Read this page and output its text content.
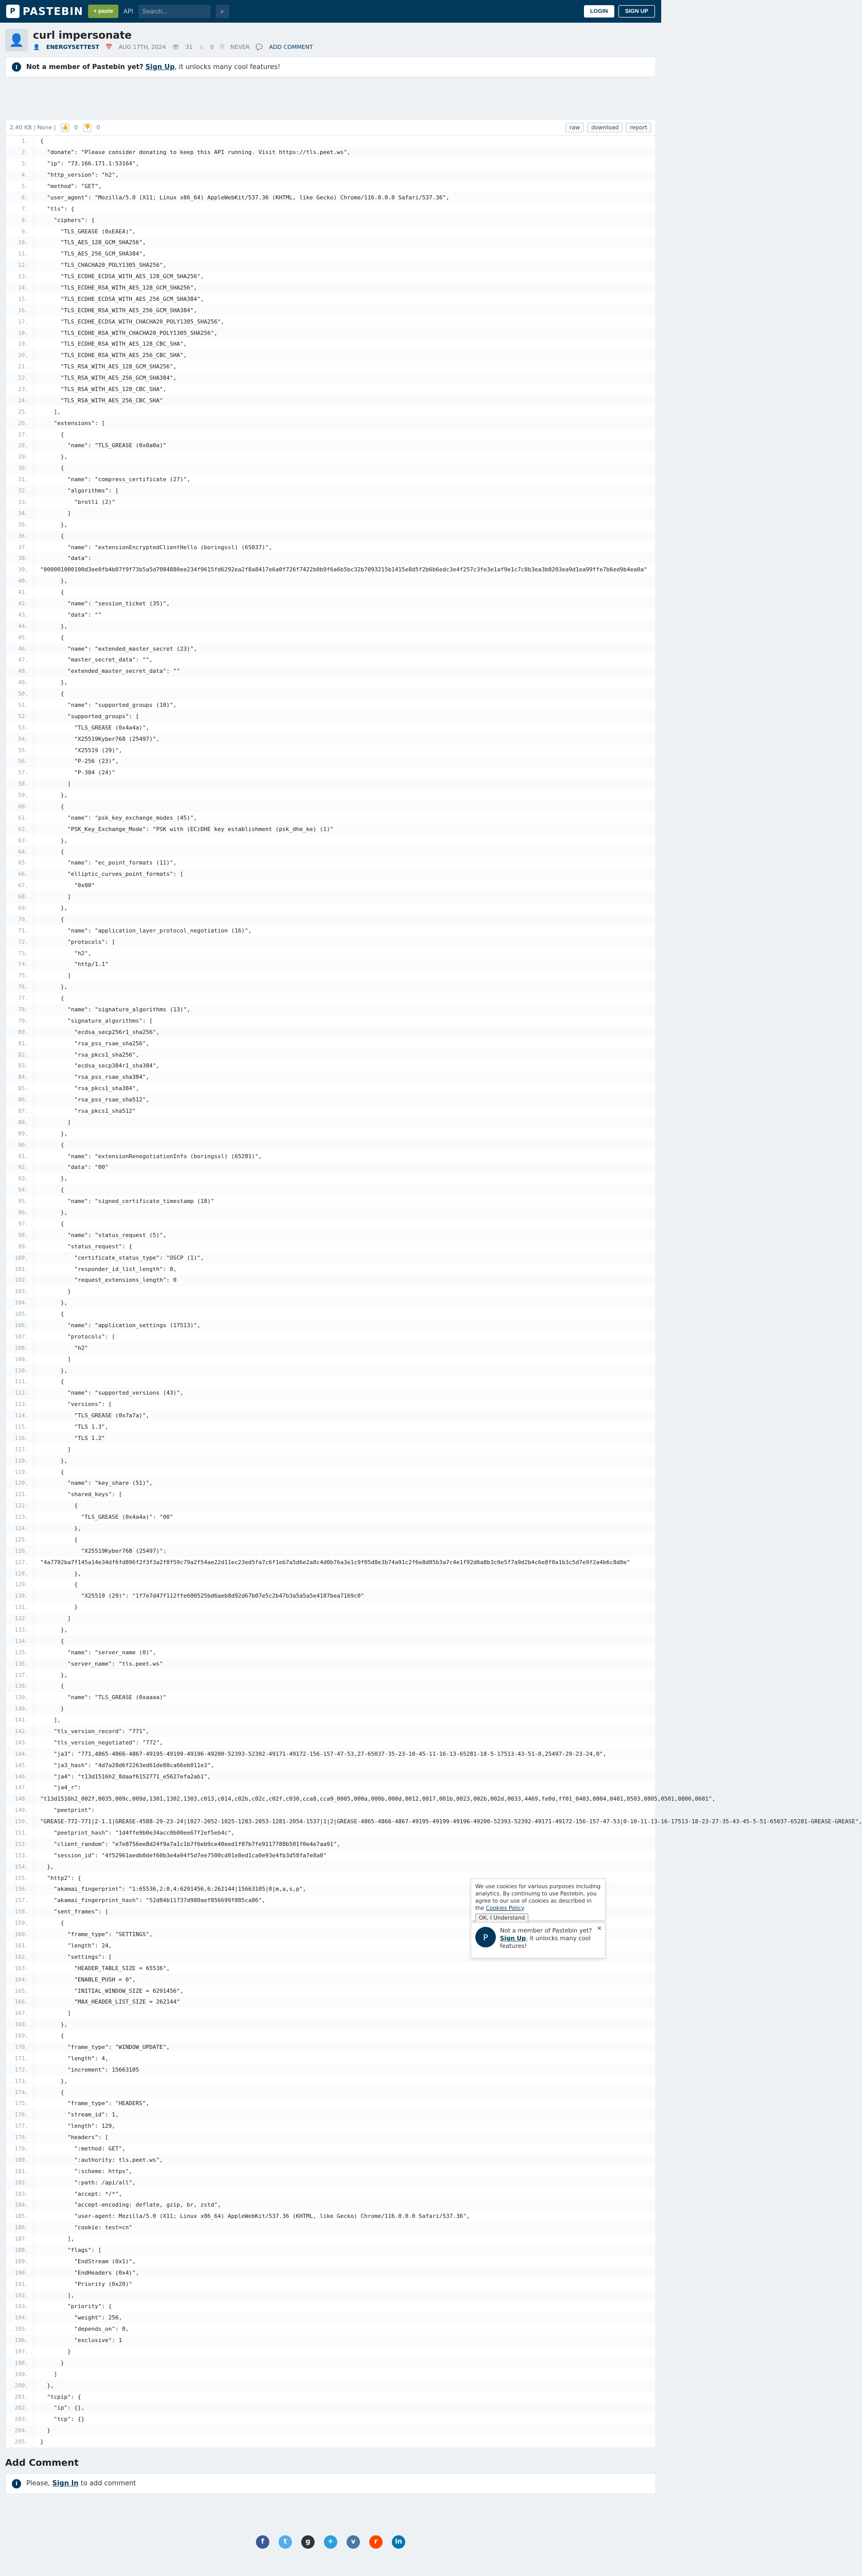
P PASTEBIN	+ paste	API
Search...	⌕	LOGIN	SIGN UP
👤 curl impersonate
👤 ENERGYSETTEST 📅 AUG 17TH, 2024 👁 31 ☆ 0 ⏱ NEVER 💬 ADD COMMENT
i	Not a member of Pastebin yet? Sign Up, it unlocks many cool features!
2.40 KB | None | 👍 0 👎 0	raw	download	report
1.	{
2.	"donate": "Please consider donating to keep this API running. Visit https://tls.peet.ws",
3.	"ip": "73.166.171.1:53164",
4.	"http_version": "h2",
5.	"method": "GET",
6.	"user_agent": "Mozilla/5.0 (X11; Linux x86_64) AppleWebKit/537.36 (KHTML, like Gecko) Chrome/116.0.0.0 Safari/537.36",
7.	"tls": {
8.	"ciphers": [
9.	"TLS_GREASE (0xEAEA)",
10.	"TLS_AES_128_GCM_SHA256",
11.	"TLS_AES_256_GCM_SHA384",
12.	"TLS_CHACHA20_POLY1305_SHA256",
13.	"TLS_ECDHE_ECDSA_WITH_AES_128_GCM_SHA256",
14.	"TLS_ECDHE_RSA_WITH_AES_128_GCM_SHA256",
15.	"TLS_ECDHE_ECDSA_WITH_AES_256_GCM_SHA384",
16.	"TLS_ECDHE_RSA_WITH_AES_256_GCM_SHA384",
17.	"TLS_ECDHE_ECDSA_WITH_CHACHA20_POLY1305_SHA256",
18.	"TLS_ECDHE_RSA_WITH_CHACHA20_POLY1305_SHA256",
19.	"TLS_ECDHE_RSA_WITH_AES_128_CBC_SHA",
20.	"TLS_ECDHE_RSA_WITH_AES_256_CBC_SHA",
21.	"TLS_RSA_WITH_AES_128_GCM_SHA256",
22.	"TLS_RSA_WITH_AES_256_GCM_SHA384",
23.	"TLS_RSA_WITH_AES_128_CBC_SHA",
24.	"TLS_RSA_WITH_AES_256_CBC_SHA"
25.	],
26.	"extensions": [
27.	{
28.	"name": "TLS_GREASE (0x0a0a)"
29.	},
30.	{
31.	"name": "compress_certificate (27)",
32.	"algorithms": [
33.	"brotli (2)"
34.	]
35.	},
36.	{
37.	"name": "extensionEncryptedClientHello (boringssl) (65037)",
38.	"data":
39.	"000001000100d3ee0fb4b07f9f73b5a5d7084880ee234f9615fd6292ea2f8a8417e6a0f726f7422b0b9f6a6b5bc32b7093215b1415e8d5f2b6b6edc3e4f257c3fe3e1af9e1c7c8b3ea3b0203ea9d1ea99ffe7b6ed9b4ea0a"
40.	},
41.	{
42.	"name": "session_ticket (35)",
43.	"data": ""
44.	},
45.	{
46.	"name": "extended_master_secret (23)",
47.	"master_secret_data": "",
48.	"extended_master_secret_data": ""
49.	},
50.	{
51.	"name": "supported_groups (10)",
52.	"supported_groups": [
53.	"TLS_GREASE (0x4a4a)",
54.	"X25519Kyber768 (25497)",
55.	"X25519 (29)",
56.	"P-256 (23)",
57.	"P-384 (24)"
58.	]
59.	},
60.	{
61.	"name": "psk_key_exchange_modes (45)",
62.	"PSK_Key_Exchange_Mode": "PSK with (EC)DHE key establishment (psk_dhe_ke) (1)"
63.	},
64.	{
65.	"name": "ec_point_formats (11)",
66.	"elliptic_curves_point_formats": [
67.	"0x00"
68.	]
69.	},
70.	{
71.	"name": "application_layer_protocol_negotiation (16)",
72.	"protocols": [
73.	"h2",
74.	"http/1.1"
75.	]
76.	},
77.	{
78.	"name": "signature_algorithms (13)",
79.	"signature_algorithms": [
80.	"ecdsa_secp256r1_sha256",
81.	"rsa_pss_rsae_sha256",
82.	"rsa_pkcs1_sha256",
83.	"ecdsa_secp384r1_sha384",
84.	"rsa_pss_rsae_sha384",
85.	"rsa_pkcs1_sha384",
86.	"rsa_pss_rsae_sha512",
87.	"rsa_pkcs1_sha512"
88.	]
89.	},
90.	{
91.	"name": "extensionRenegotiationInfo (boringssl) (65281)",
92.	"data": "00"
93.	},
94.	{
95.	"name": "signed_certificate_timestamp (18)"
96.	},
97.	{
98.	"name": "status_request (5)",
99.	"status_request": {
100.	"certificate_status_type": "OSCP (1)",
101.	"responder_id_list_length": 0,
102.	"request_extensions_length": 0
103.	}
104.	},
105.	{
106.	"name": "application_settings (17513)",
107.	"protocols": [
108.	"h2"
109.	]
110.	},
111.	{
112.	"name": "supported_versions (43)",
113.	"versions": [
114.	"TLS_GREASE (0x7a7a)",
115.	"TLS 1.3",
116.	"TLS 1.2"
117.	]
118.	},
119.	{
120.	"name": "key_share (51)",
121.	"shared_keys": [
122.	{
123.	"TLS_GREASE (0x4a4a)": "00"
124.	},
125.	{
126.	"X25519Kyber768 (25497)":
127.	"4a7702ba7f145a14e34df6fd896f2f3f3a2f8f59c79a2f54ae22d11ec23ed5fa7c6f1eb7a5d6e2a8c4d0b76a3e1c9f05d8e3b74a91c2f6e8d05b3a7c4e1f92d6a8b3c0e5f7a9d2b4c6e8f0a1b3c5d7e9f2a4b6c8d0e"
128.	},
129.	{
130.	"X25519 (29)": "1f7e7d47f112ffe600525bd6aeb8d92d67b07e5c2b47b3a5a5a5e4187bea7169c0"
131.	}
132.	]
133.	},
134.	{
135.	"name": "server_name (0)",
136.	"server_name": "tls.peet.ws"
137.	},
138.	{
139.	"name": "TLS_GREASE (0xaaaa)"
140.	}
141.	],
142.	"tls_version_record": "771",
143.	"tls_version_negotiated": "772",
144.	"ja3": "771,4865-4866-4867-49195-49199-49196-49200-52393-52392-49171-49172-156-157-47-53,27-65037-35-23-10-45-11-16-13-65281-18-5-17513-43-51-0,25497-29-23-24,0",
145.	"ja3_hash": "4d7a28d6f2263ed61de88ca66eb011e3",
146.	"ja4": "t13d1516h2_8daaf6152771_e5627efa2ab1",
147.	"ja4_r":
148.	"t13d1516h2_002f,0035,009c,009d,1301,1302,1303,c013,c014,c02b,c02c,c02f,c030,cca8,cca9_0005,000a,000b,000d,0012,0017,001b,0023,002b,002d,0033,4469,fe0d,ff01_0403,0804,0401,0503,0805,0501,0806,0601",
149.	"peetprint":
150.	"GREASE-772-771|2-1.1|GREASE-4588-29-23-24|1027-2052-1025-1283-2053-1281-2054-1537|1|2|GREASE-4865-4866-4867-49195-49199-49196-49200-52393-52392-49171-49172-156-157-47-53|0-10-11-13-16-17513-18-23-27-35-43-45-5-51-65037-65281-GREASE-GREASE",
151.	"peetprint_hash": "1d4ffe9b0e34acc0b00ee67f2ef5eb4c",
152.	"client_random": "e7e8756ee8d24f9a7a1c1b7f6eb9ce40eed1f07b7fe9117788b501f0e4e7aa91",
153.	"session_id": "4f52961aedb0def60b3e4a94f5d7ee7500cd01e8ed1ca0e93e4fb3d58fa7e8a0"
154.	},
155.	"http2": {
156.	"akamai_fingerprint": "1:65536,2:0,4:6291456,6:262144|15663105|0|m,a,s,p",
157.	"akamai_fingerprint_hash": "52d84b11737d980aef856699f885ca86",
158.	"sent_frames": [
159.	{
160.	"frame_type": "SETTINGS",
161.	"length": 24,
162.	"settings": [
163.	"HEADER_TABLE_SIZE = 65536",
164.	"ENABLE_PUSH = 0",
165.	"INITIAL_WINDOW_SIZE = 6291456",
166.	"MAX_HEADER_LIST_SIZE = 262144"
167.	]
168.	},
169.	{
170.	"frame_type": "WINDOW_UPDATE",
171.	"length": 4,
172.	"increment": 15663105
173.	},
174.	{
175.	"frame_type": "HEADERS",
176.	"stream_id": 1,
177.	"length": 129,
178.	"headers": [
179.	":method: GET",
180.	":authority: tls.peet.ws",
181.	":scheme: https",
182.	":path: /api/all",
183.	"accept: */*",
184.	"accept-encoding: deflate, gzip, br, zstd",
185.	"user-agent: Mozilla/5.0 (X11; Linux x86_64) AppleWebKit/537.36 (KHTML, like Gecko) Chrome/116.0.0.0 Safari/537.36",
186.	"cookie: test=cn"
187.	],
188.	"flags": [
189.	"EndStream (0x1)",
190.	"EndHeaders (0x4)",
191.	"Priority (0x20)"
192.	],
193.	"priority": {
194.	"weight": 256,
195.	"depends_on": 0,
196.	"exclusive": 1
197.	}
198.	}
199.	]
200.	},
201.	"tcpip": {
202.	"ip": {},
203.	"tcp": {}
204.	}
205.	}
Add Comment
i	Please, Sign In to add comment
f	t	g	✈	v	r	in
We use cookies for various purposes including analytics. By continuing to use Pastebin, you agree to our use of cookies as described in the Cookies Policy.
OK, I Understand
P
Not a member of Pastebin yet?
Sign Up, it unlocks many cool features!
✕
